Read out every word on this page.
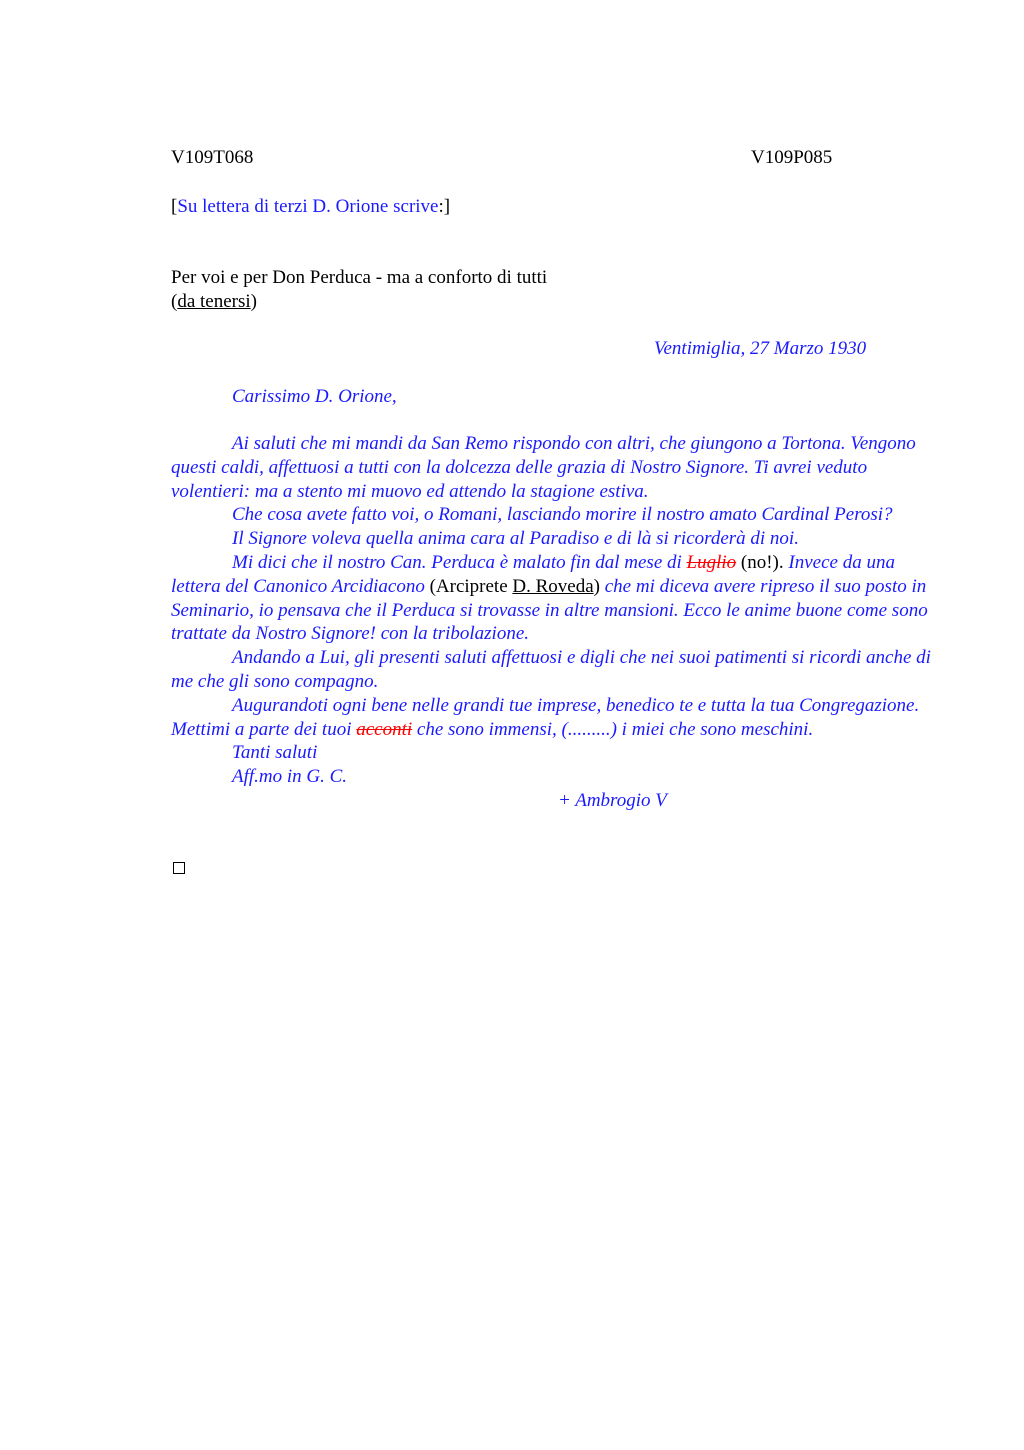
V109T068	V109P085
[Su lettera di terzi D. Orione scrive:]
Per voi e per Don Perduca - ma a conforto di tutti
(da tenersi)
Ventimiglia, 27 Marzo 1930
Carissimo D. Orione,

Ai saluti che mi mandi da San Remo rispondo con altri, che giungono a Tortona. Vengono questi caldi, affettuosi a tutti con la dolcezza delle grazia di Nostro Signore. Ti avrei veduto volentieri: ma a stento mi muovo ed attendo la stagione estiva.

Che cosa avete fatto voi, o Romani, lasciando morire il nostro amato Cardinal Perosi?

Il Signore voleva quella anima cara al Paradiso e di là si ricorderà di noi.

Mi dici che il nostro Can. Perduca è malato fin dal mese di Luglio (no!). Invece da una lettera del Canonico Arcidiacono (Arciprete D. Roveda) che mi diceva avere ripreso il suo posto in Seminario, io pensava che il Perduca si trovasse in altre mansioni. Ecco le anime buone come sono trattate da Nostro Signore! con la tribolazione.

Andando a Lui, gli presenti saluti affettuosi e digli che nei suoi patimenti si ricordi anche di me che gli sono compagno.

Augurandoti ogni bene nelle grandi tue imprese, benedico te e tutta la tua Congregazione. Mettimi a parte dei tuoi acconti che sono immensi, (.........) i miei che sono meschini.

Tanti saluti
Aff.mo in G. C.
+ Ambrogio V
